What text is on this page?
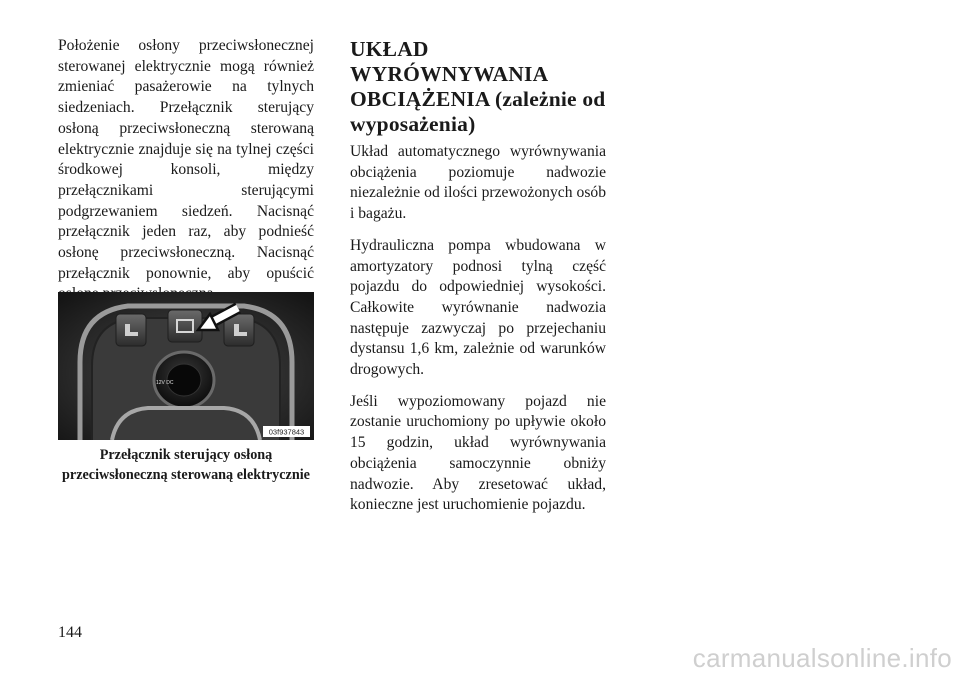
Położenie osłony przeciwsłonecznej sterowanej elektrycznie mogą również zmieniać pasażerowie na tylnych siedzeniach. Przełącznik sterujący osłoną przeciwsłoneczną sterowaną elektrycznie znajduje się na tylnej części środkowej konsoli, między przełącznikami sterującymi podgrzewaniem siedzeń. Nacisnąć przełącznik jeden raz, aby podnieść osłonę przeciwsłoneczną. Nacisnąć przełącznik ponownie, aby opuścić

12V DC
03f937843
Przełącznik sterujący osłoną
przeciwsłoneczną sterowaną elektrycznie
UKŁAD
WYRÓWNYWANIA
OBCIĄŻENIA (zależnie od
wyposażenia)

Układ automatycznego wyrównywania obciążenia poziomuje nadwozie niezależnie od ilości przewożonych osób i bagażu.

Hydrauliczna pompa wbudowana w amortyzatory podnosi tylną część pojazdu do odpowiedniej wysokości. Całkowite wyrównanie nadwozia następuje zazwyczaj po przejechaniu dystansu 1,6 km, zależnie od warunków drogowych.

Jeśli wypoziomowany pojazd nie zostanie uruchomiony po upływie około 15 godzin, układ wyrównywania obciążenia samoczynnie obniży nadwozie. Aby zresetować układ, konieczne jest uruchomienie pojazdu.

144
carmanualsonline.info
